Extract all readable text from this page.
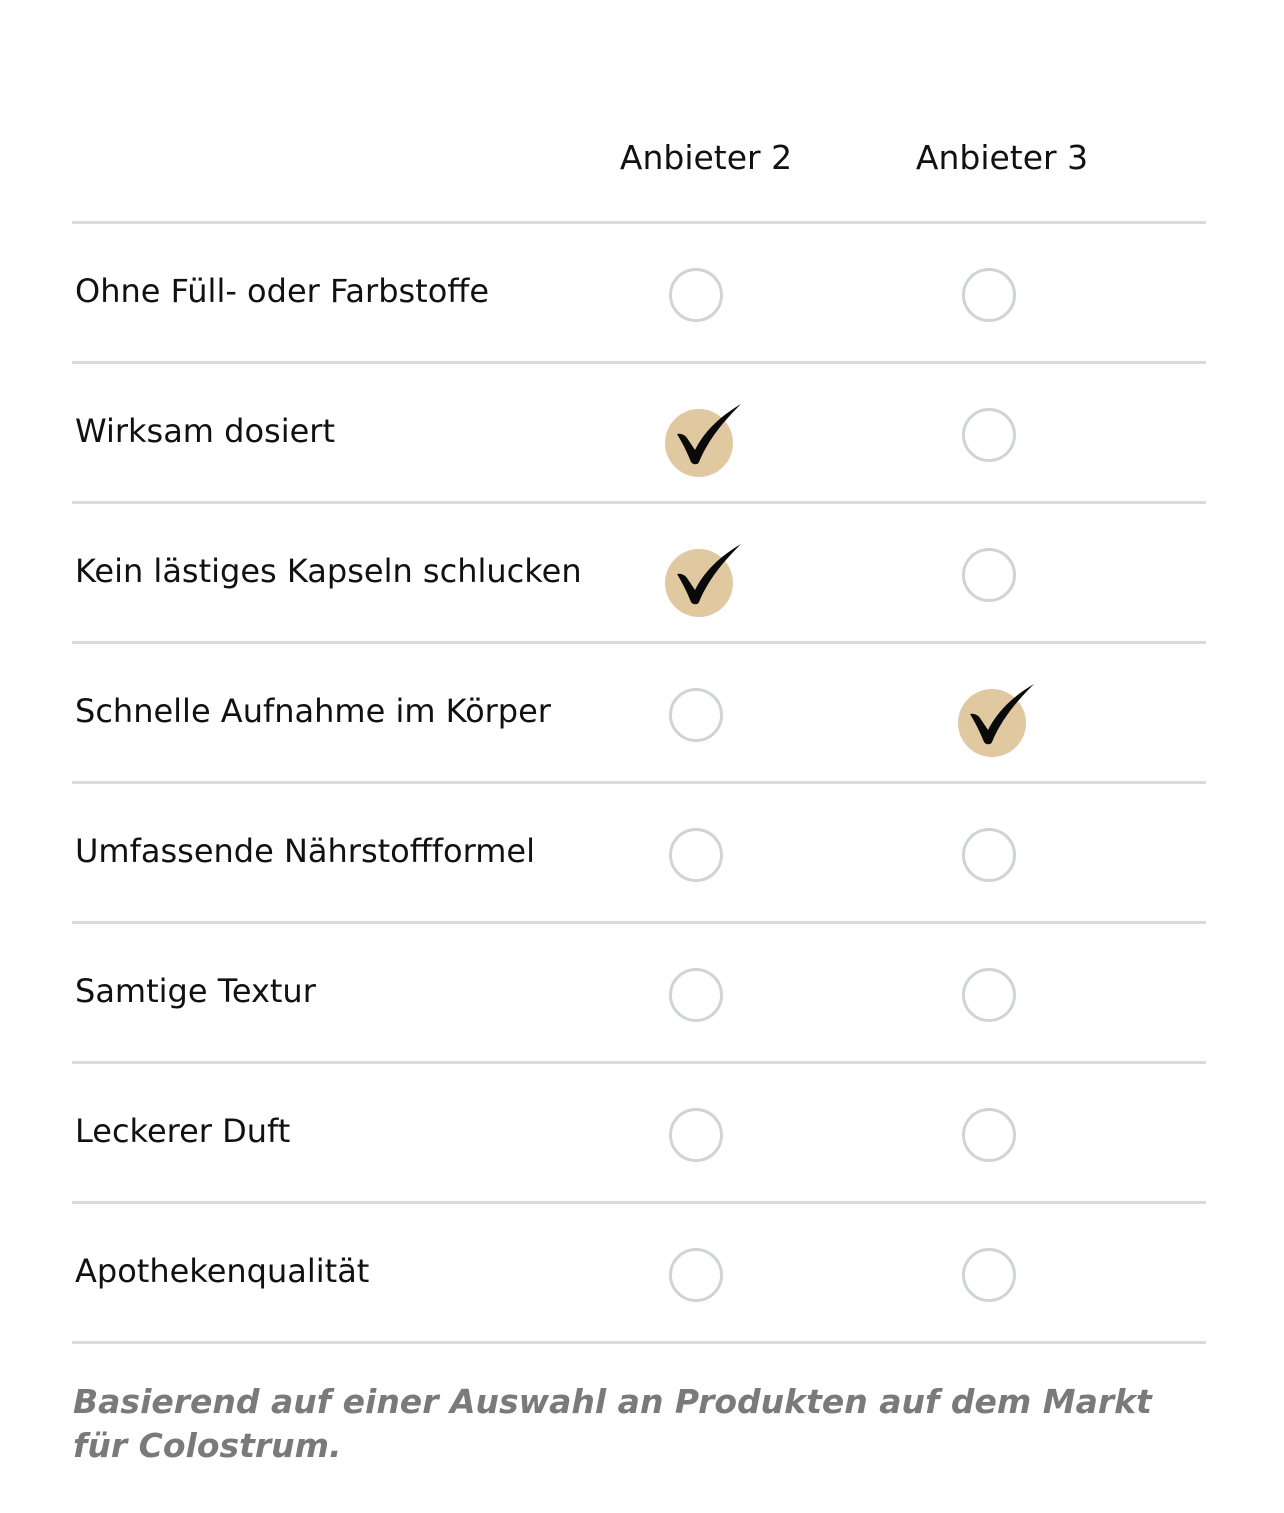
Anbieter 2	Anbieter 3
Ohne Füll- oder Farbstoffe
Wirksam dosiert
Kein lästiges Kapseln schlucken
Schnelle Aufnahme im Körper
Umfassende Nährstoffformel
Samtige Textur
Leckerer Duft
Apothekenqualität
Basierend auf einer Auswahl an Produkten auf dem Markt für Colostrum.
